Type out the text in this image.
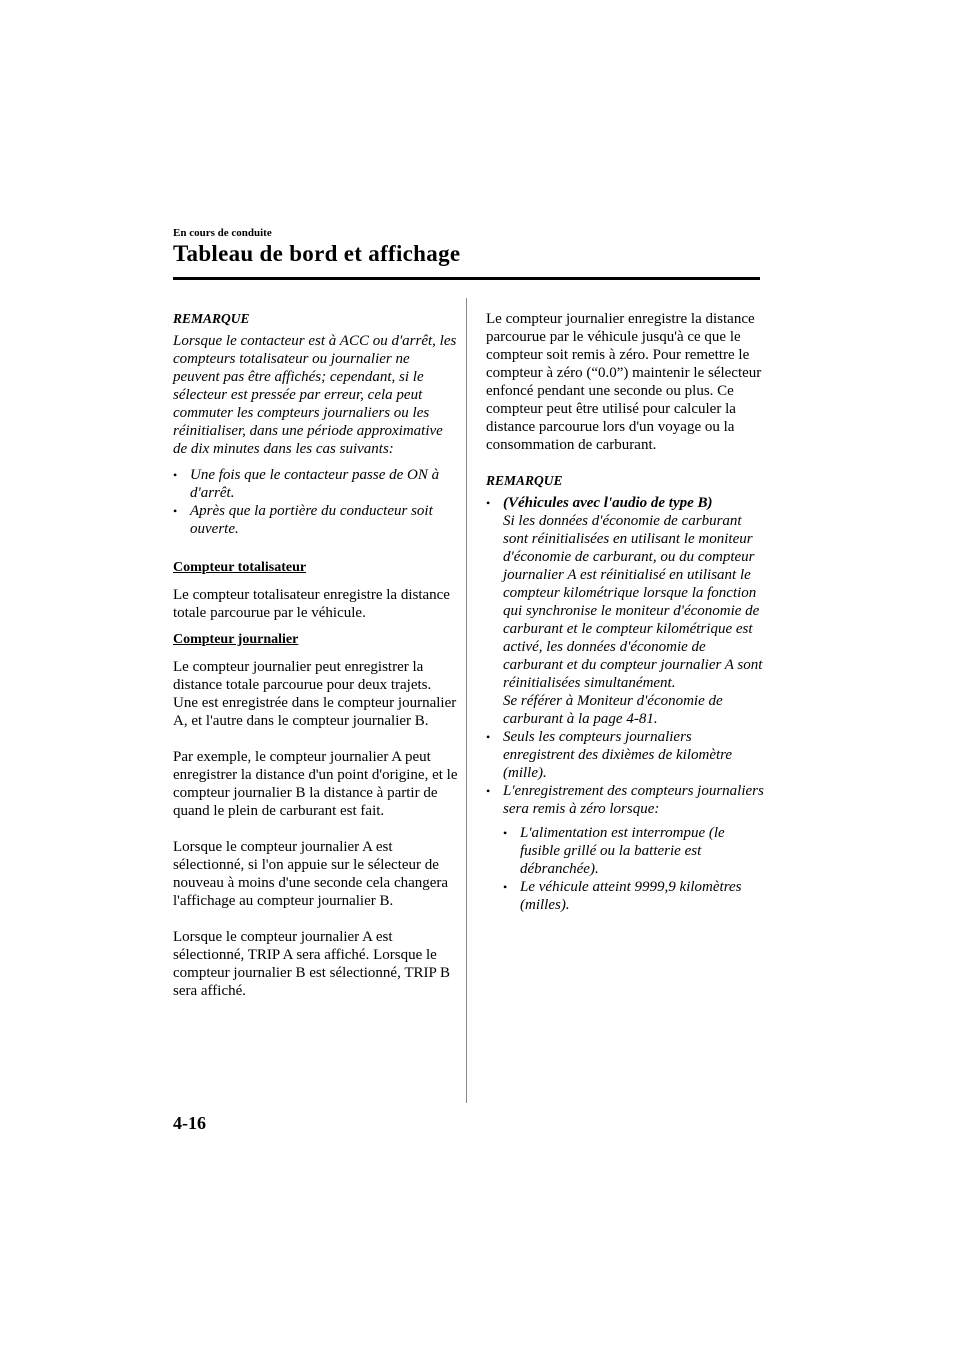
En cours de conduite
Tableau de bord et affichage

REMARQUE

Lorsque le contacteur est à ACC ou d'arrêt, les compteurs totalisateur ou journalier ne peuvent pas être affichés; cependant, si le sélecteur est pressée par erreur, cela peut commuter les compteurs journaliers ou les réinitialiser, dans une période approximative de dix minutes dans les cas suivants:

• Une fois que le contacteur passe de ON à d'arrêt.
• Après que la portière du conducteur soit ouverte.

Compteur totalisateur

Le compteur totalisateur enregistre la distance totale parcourue par le véhicule.

Compteur journalier

Le compteur journalier peut enregistrer la distance totale parcourue pour deux trajets. Une est enregistrée dans le compteur journalier A, et l'autre dans le compteur journalier B.

Par exemple, le compteur journalier A peut enregistrer la distance d'un point d'origine, et le compteur journalier B la distance à partir de quand le plein de carburant est fait.

Lorsque le compteur journalier A est sélectionné, si l'on appuie sur le sélecteur de nouveau à moins d'une seconde cela changera l'affichage au compteur journalier B.

Lorsque le compteur journalier A est sélectionné, TRIP A sera affiché. Lorsque le compteur journalier B est sélectionné, TRIP B sera affiché.

Le compteur journalier enregistre la distance parcourue par le véhicule jusqu'à ce que le compteur soit remis à zéro. Pour remettre le compteur à zéro (“0.0”) maintenir le sélecteur enfoncé pendant une seconde ou plus. Ce compteur peut être utilisé pour calculer la distance parcourue lors d'un voyage ou la consommation de carburant.

REMARQUE

• (Véhicules avec l'audio de type B)
Si les données d'économie de carburant sont réinitialisées en utilisant le moniteur d'économie de carburant, ou du compteur journalier A est réinitialisé en utilisant le compteur kilométrique lorsque la fonction qui synchronise le moniteur d'économie de carburant et le compteur kilométrique est activé, les données d'économie de carburant et du compteur journalier A sont réinitialisées simultanément.
Se référer à Moniteur d'économie de carburant à la page 4-81.
• Seuls les compteurs journaliers enregistrent des dixièmes de kilomètre (mille).
• L'enregistrement des compteurs journaliers sera remis à zéro lorsque:
• L'alimentation est interrompue (le fusible grillé ou la batterie est débranchée).
• Le véhicule atteint 9999,9 kilomètres (milles).
4-16
